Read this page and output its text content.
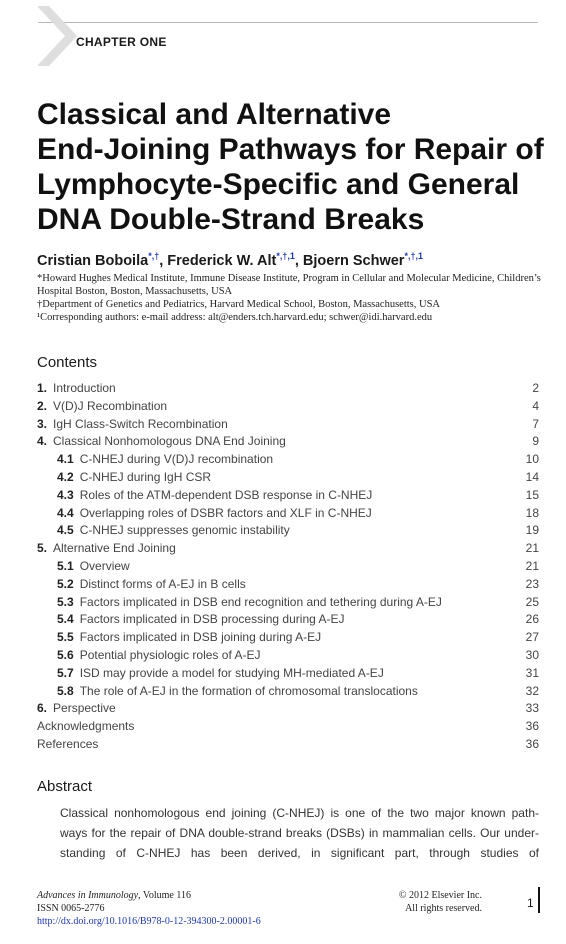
CHAPTER ONE
Classical and Alternative
End-Joining Pathways for Repair of
Lymphocyte-Specific and General
DNA Double-Strand Breaks
Cristian Boboila*,†, Frederick W. Alt$^{*,\dagger,1}$, Bjoern Schwer$^{*,\dagger,1}$
*Howard Hughes Medical Institute, Immune Disease Institute, Program in Cellular and Molecular Medicine, Children’s Hospital Boston, Boston, Massachusetts, USA
†Department of Genetics and Pediatrics, Harvard Medical School, Boston, Massachusetts, USA
¹Corresponding authors: e-mail address: alt@enders.tch.harvard.edu; schwer@idi.harvard.edu
Contents
1. Introduction	2
2. V(D)J Recombination	4
3. IgH Class-Switch Recombination	7
4. Classical Nonhomologous DNA End Joining	9
4.1 C-NHEJ during V(D)J recombination	10
4.2 C-NHEJ during IgH CSR	14
4.3 Roles of the ATM-dependent DSB response in C-NHEJ	15
4.4 Overlapping roles of DSBR factors and XLF in C-NHEJ	18
4.5 C-NHEJ suppresses genomic instability	19
5. Alternative End Joining	21
5.1 Overview	21
5.2 Distinct forms of A-EJ in B cells	23
5.3 Factors implicated in DSB end recognition and tethering during A-EJ	25
5.4 Factors implicated in DSB processing during A-EJ	26
5.5 Factors implicated in DSB joining during A-EJ	27
5.6 Potential physiologic roles of A-EJ	30
5.7 ISD may provide a model for studying MH-mediated A-EJ	31
5.8 The role of A-EJ in the formation of chromosomal translocations	32
6. Perspective	33
Acknowledgments	36
References	36
Abstract
Classical nonhomologous end joining (C-NHEJ) is one of the two major known path-
ways for the repair of DNA double-strand breaks (DSBs) in mammalian cells. Our under-
standing of C-NHEJ has been derived, in significant part, through studies of
Advances in Immunology, Volume 116
ISSN 0065-2776
http://dx.doi.org/10.1016/B978-0-12-394300-2.00001-6
© 2012 Elsevier Inc.
All rights reserved.	1
